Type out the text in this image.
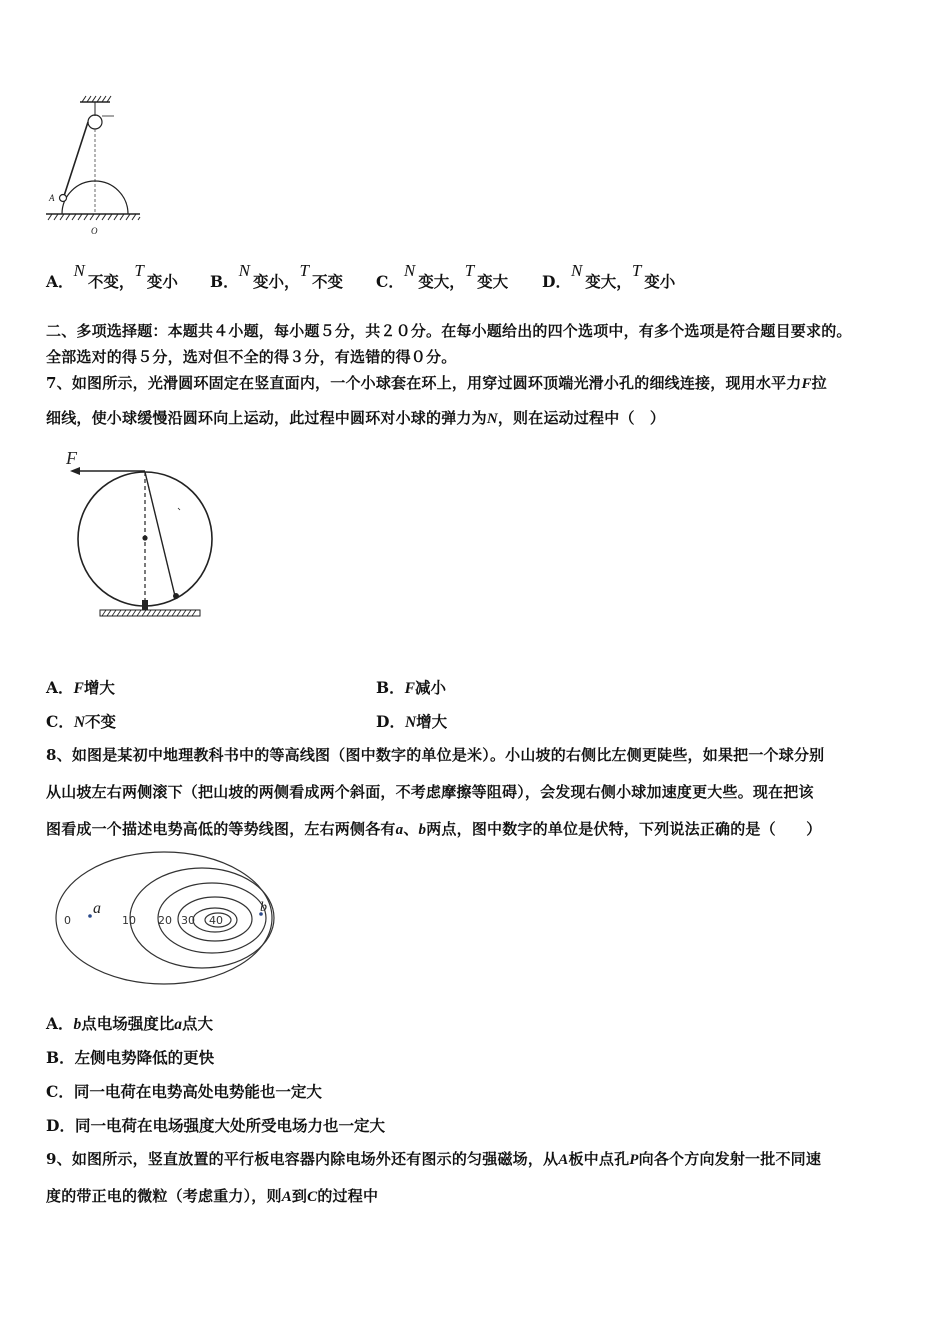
A
O
A．N不变，T变小 B．N变小，T不变 C．N变大，T变大 D．N变大，T变小
二、多项选择题：本题共４小题，每小题５分，共２０分。在每小题给出的四个选项中，有多个选项是符合题目要求的。
全部选对的得５分，选对但不全的得３分，有选错的得０分。
7、如图所示，光滑圆环固定在竖直面内，一个小球套在环上，用穿过圆环顶端光滑小孔的细线连接，现用水平力F拉
细线，使小球缓慢沿圆环向上运动，此过程中圆环对小球的弹力为N，则在运动过程中（　）
F
A．F增大	B．F减小
C．N不变	D．N增大
8、如图是某初中地理教科书中的等高线图（图中数字的单位是米）。小山坡的右侧比左侧更陡些，如果把一个球分别
从山坡左右两侧滚下（把山坡的两侧看成两个斜面，不考虑摩擦等阻碍），会发现右侧小球加速度更大些。现在把该
图看成一个描述电势高低的等势线图，左右两侧各有a、b两点，图中数字的单位是伏特，下列说法正确的是（　　）
0	10 20 30 40
a	b
A．b点电场强度比a点大
B．左侧电势降低的更快
C．同一电荷在电势高处电势能也一定大
D．同一电荷在电场强度大处所受电场力也一定大
9、如图所示，竖直放置的平行板电容器内除电场外还有图示的匀强磁场，从A板中点孔P向各个方向发射一批不同速
度的带正电的微粒（考虑重力），则A到C的过程中
